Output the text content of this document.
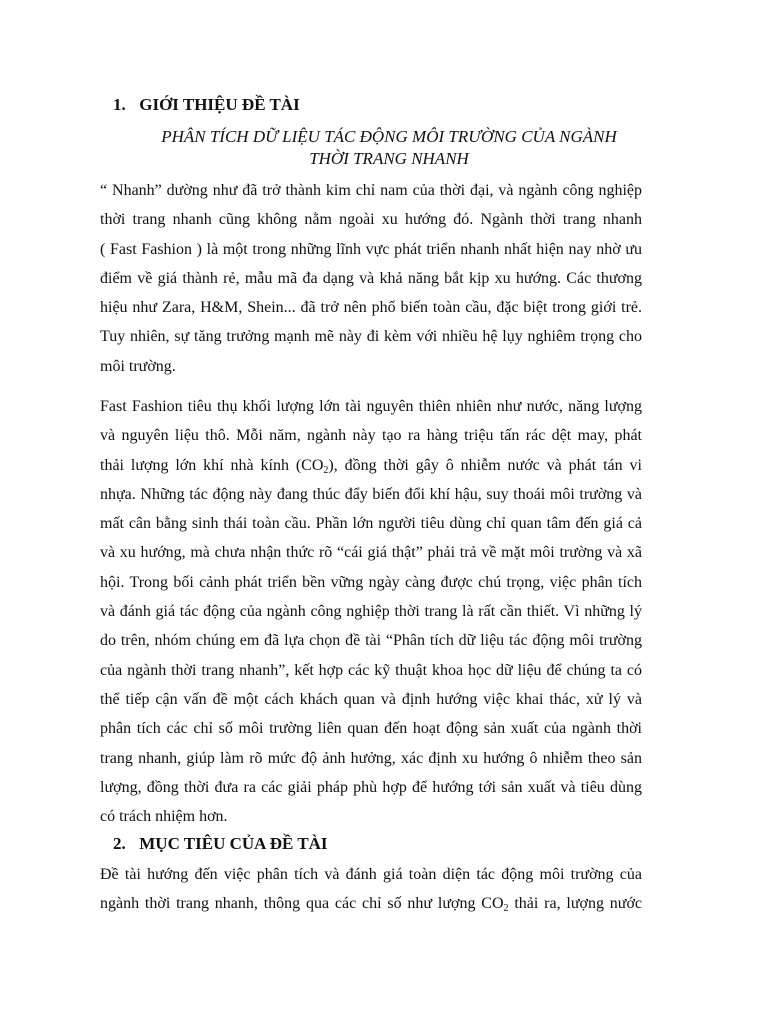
1. GIỚI THIỆU ĐỀ TÀI
PHÂN TÍCH DỮ LIỆU TÁC ĐỘNG MÔI TRƯỜNG CỦA NGÀNH
THỜI TRANG NHANH
“ Nhanh” dường như đã trở thành kim chỉ nam của thời đại, và ngành công nghiệp
thời trang nhanh cũng không nằm ngoài xu hướng đó. Ngành thời trang nhanh
( Fast Fashion ) là một trong những lĩnh vực phát triển nhanh nhất hiện nay nhờ ưu
điểm về giá thành rẻ, mẫu mã đa dạng và khả năng bắt kịp xu hướng. Các thương
hiệu như Zara, H&M, Shein... đã trở nên phổ biến toàn cầu, đặc biệt trong giới trẻ.
Tuy nhiên, sự tăng trưởng mạnh mẽ này đi kèm với nhiều hệ lụy nghiêm trọng cho
môi trường.
Fast Fashion tiêu thụ khối lượng lớn tài nguyên thiên nhiên như nước, năng lượng
và nguyên liệu thô. Mỗi năm, ngành này tạo ra hàng triệu tấn rác dệt may, phát
thải lượng lớn khí nhà kính $(CO_2)$, đồng thời gây ô nhiễm nước và phát tán vi
nhựa. Những tác động này đang thúc đẩy biến đổi khí hậu, suy thoái môi trường và
mất cân bằng sinh thái toàn cầu. Phần lớn người tiêu dùng chỉ quan tâm đến giá cả
và xu hướng, mà chưa nhận thức rõ “cái giá thật” phải trả về mặt môi trường và xã
hội. Trong bối cảnh phát triển bền vững ngày càng được chú trọng, việc phân tích
và đánh giá tác động của ngành công nghiệp thời trang là rất cần thiết. Vì những lý
do trên, nhóm chúng em đã lựa chọn đề tài “Phân tích dữ liệu tác động môi trường
của ngành thời trang nhanh”, kết hợp các kỹ thuật khoa học dữ liệu để chúng ta có
thể tiếp cận vấn đề một cách khách quan và định hướng việc khai thác, xử lý và
phân tích các chỉ số môi trường liên quan đến hoạt động sản xuất của ngành thời
trang nhanh, giúp làm rõ mức độ ảnh hưởng, xác định xu hướng ô nhiễm theo sản
lượng, đồng thời đưa ra các giải pháp phù hợp để hướng tới sản xuất và tiêu dùng
có trách nhiệm hơn.
2. MỤC TIÊU CỦA ĐỀ TÀI
Đề tài hướng đến việc phân tích và đánh giá toàn diện tác động môi trường của
ngành thời trang nhanh, thông qua các chỉ số như lượng $CO_2$ thải ra, lượng nước
